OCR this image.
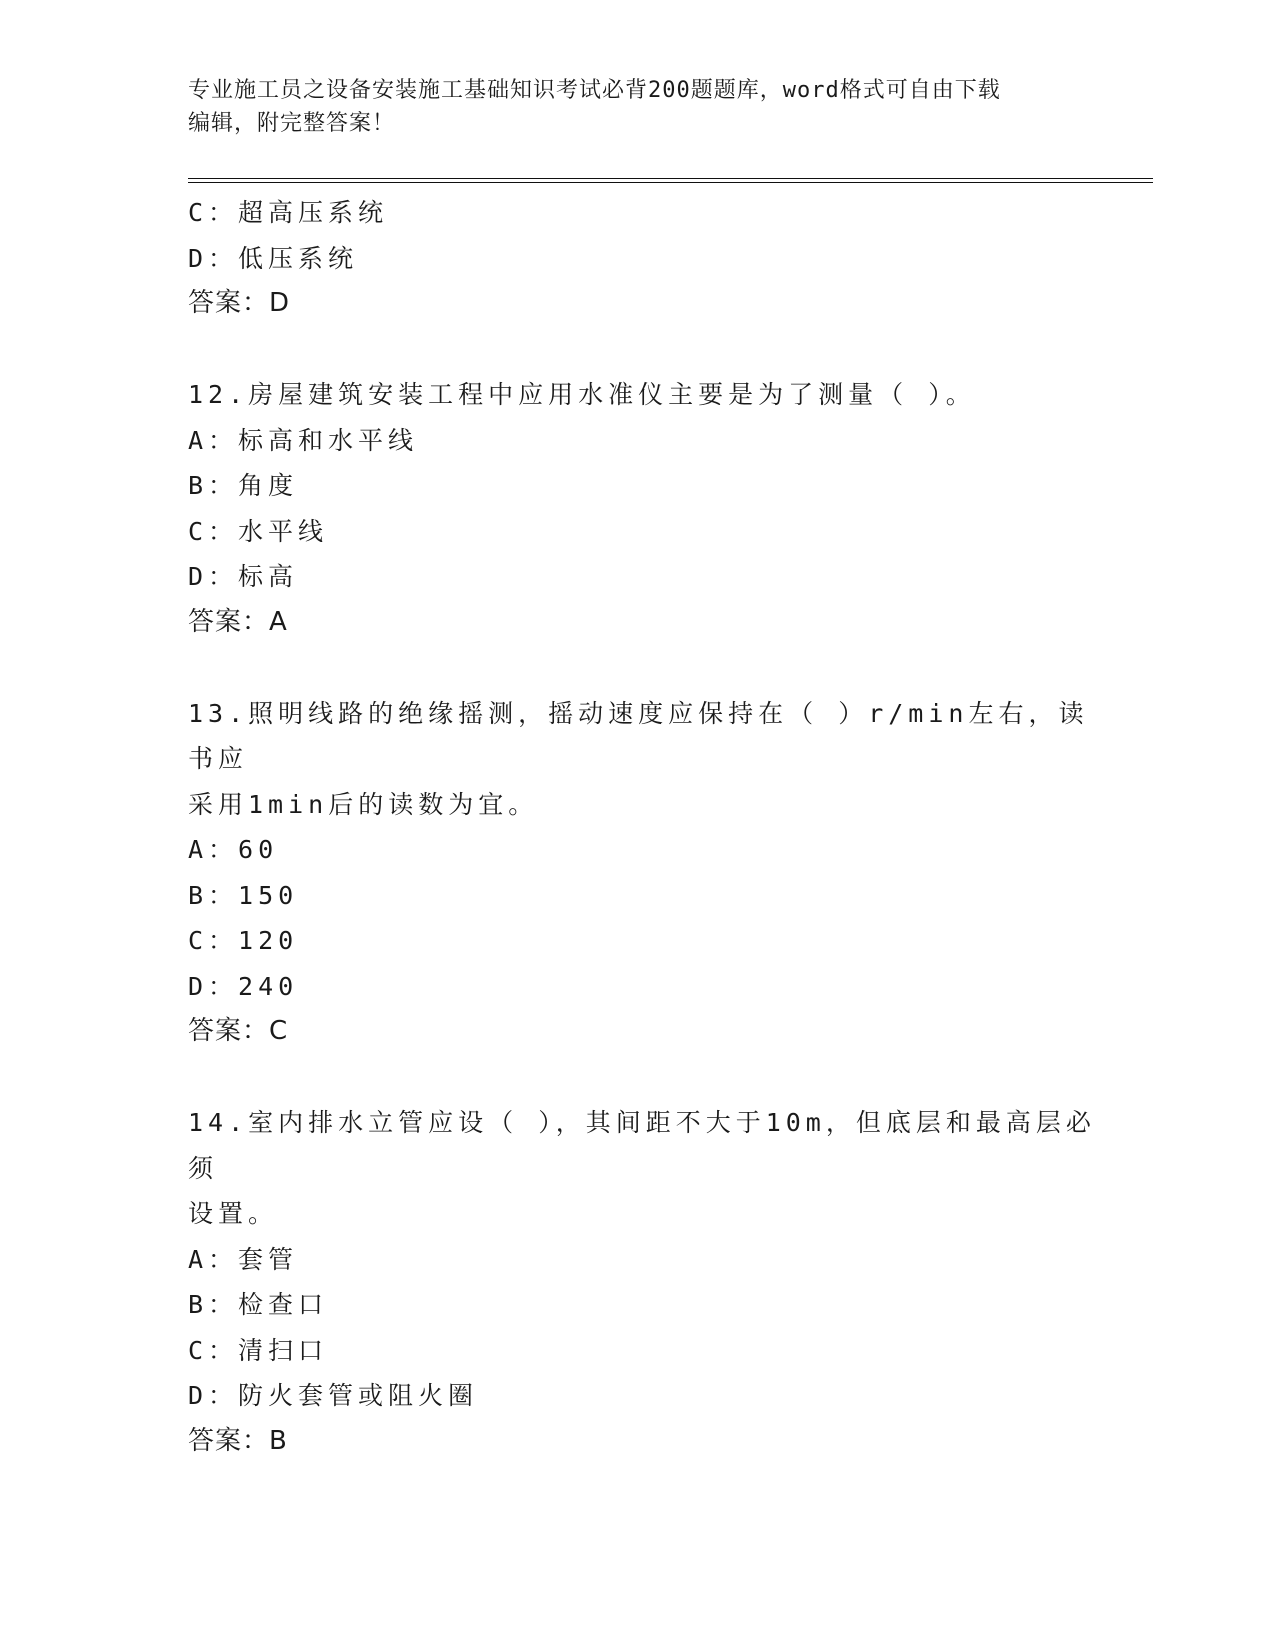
专业施工员之设备安装施工基础知识考试必背200题题库，word格式可自由下载
编辑，附完整答案！
C：超高压系统
D：低压系统
答案：D
12.房屋建筑安装工程中应用水准仪主要是为了测量（ ）。
A：标高和水平线
B：角度
C：水平线
D：标高
答案：A
13.照明线路的绝缘摇测，摇动速度应保持在（ ）r/min左右，读书应
采用1min后的读数为宜。
A：60
B：150
C：120
D：240
答案：C
14.室内排水立管应设（ ），其间距不大于10m，但底层和最高层必须
设置。
A：套管
B：检查口
C：清扫口
D：防火套管或阻火圈
答案：B
